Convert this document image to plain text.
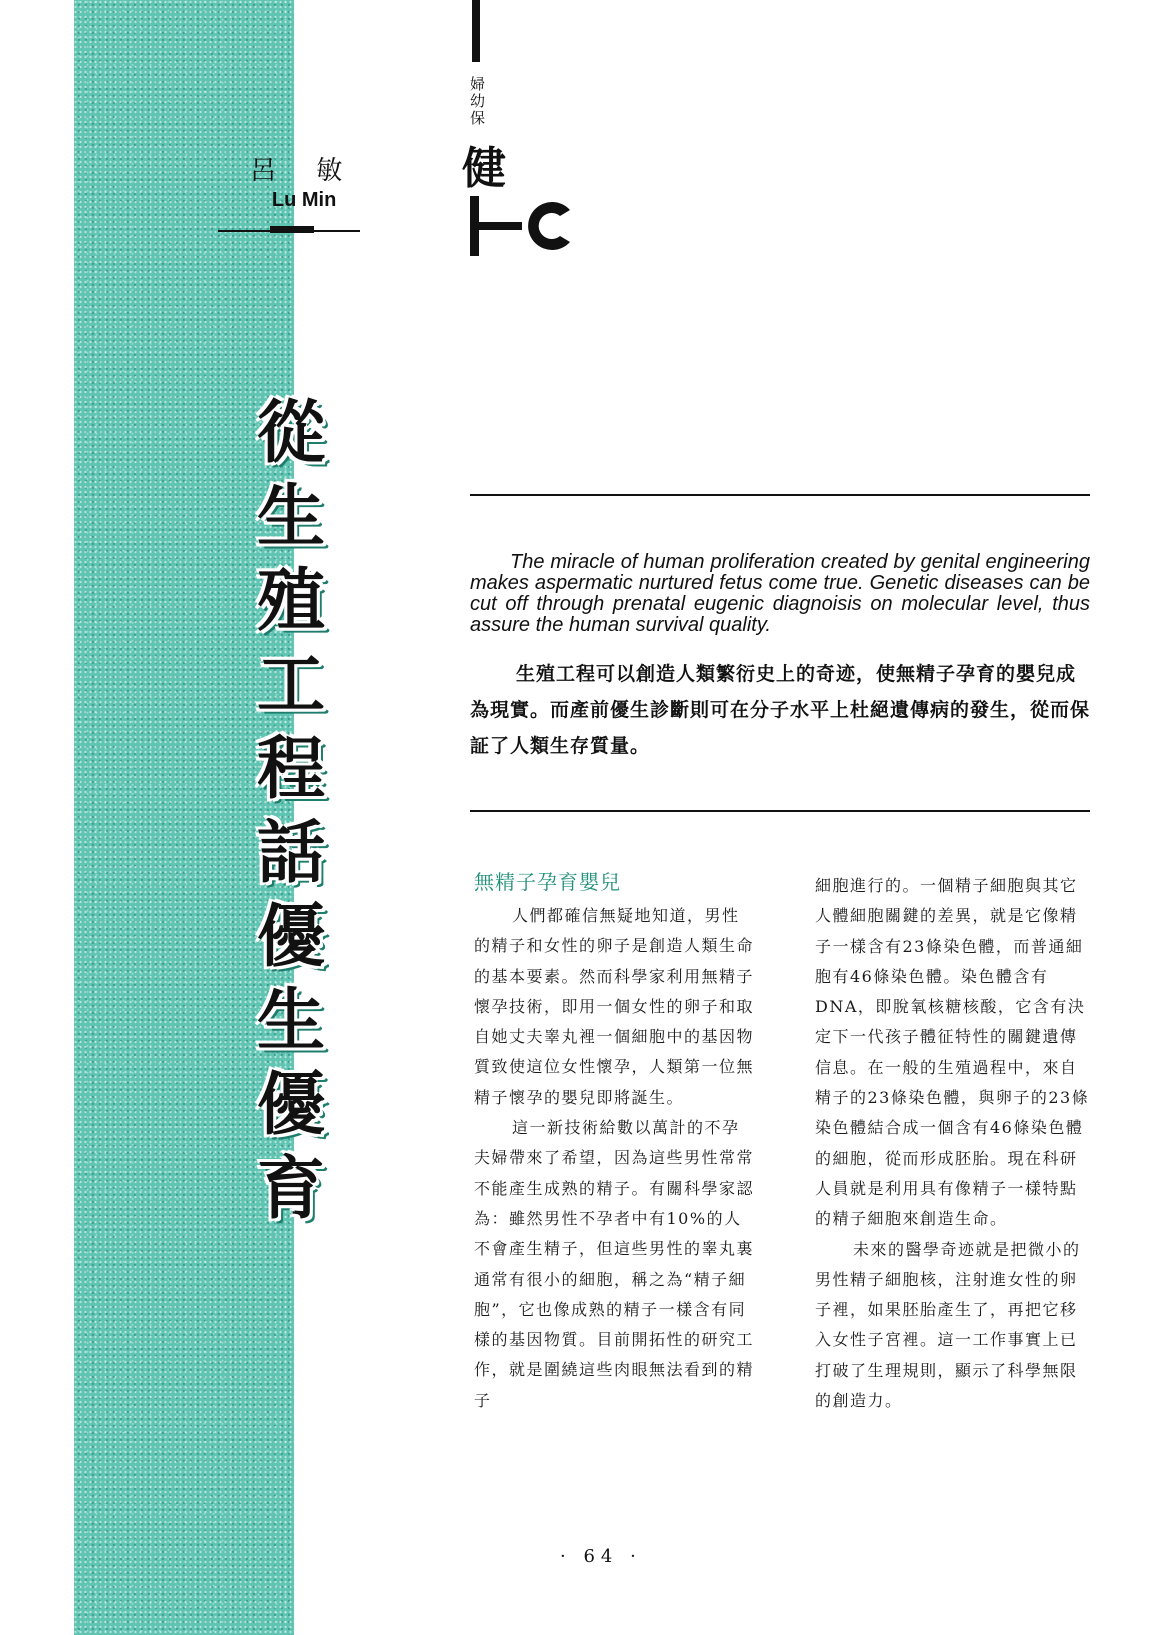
呂 敏
Lu Min
從
生
殖
工
程
話
優
生
優
育
婦幼保
健
The miracle of human proliferation created by genital engineering makes aspermatic nurtured fetus come true. Genetic diseases can be cut off through prenatal eugenic diagnoisis on molecular level, thus assure the human survival quality.

生殖工程可以創造人類繁衍史上的奇迹，使無精子孕育的嬰兒成為現實。而產前優生診斷則可在分子水平上杜絕遺傳病的發生，從而保証了人類生存質量。

無精子孕育嬰兒

人們都確信無疑地知道，男性的精子和女性的卵子是創造人類生命的基本要素。然而科學家利用無精子懷孕技術，即用一個女性的卵子和取自她丈夫睾丸裡一個細胞中的基因物質致使這位女性懷孕，人類第一位無精子懷孕的嬰兒即將誕生。

這一新技術給數以萬計的不孕夫婦帶來了希望，因為這些男性常常不能產生成熟的精子。有關科學家認為：雖然男性不孕者中有10%的人不會產生精子，但這些男性的睾丸裏通常有很小的細胞，稱之為“精子細胞”，它也像成熟的精子一樣含有同樣的基因物質。目前開拓性的研究工作，就是圍繞這些肉眼無法看到的精子

細胞進行的。一個精子細胞與其它人體細胞關鍵的差異，就是它像精子一樣含有23條染色體，而普通細胞有46條染色體。染色體含有DNA，即脫氧核糖核酸，它含有決定下一代孩子體征特性的關鍵遺傳信息。在一般的生殖過程中，來自精子的23條染色體，與卵子的23條染色體結合成一個含有46條染色體的細胞，從而形成胚胎。現在科研人員就是利用具有像精子一樣特點的精子細胞來創造生命。

未來的醫學奇迹就是把微小的男性精子細胞核，注射進女性的卵子裡，如果胚胎產生了，再把它移入女性子宮裡。這一工作事實上已打破了生理規則，顯示了科學無限的創造力。

· 64 ·
